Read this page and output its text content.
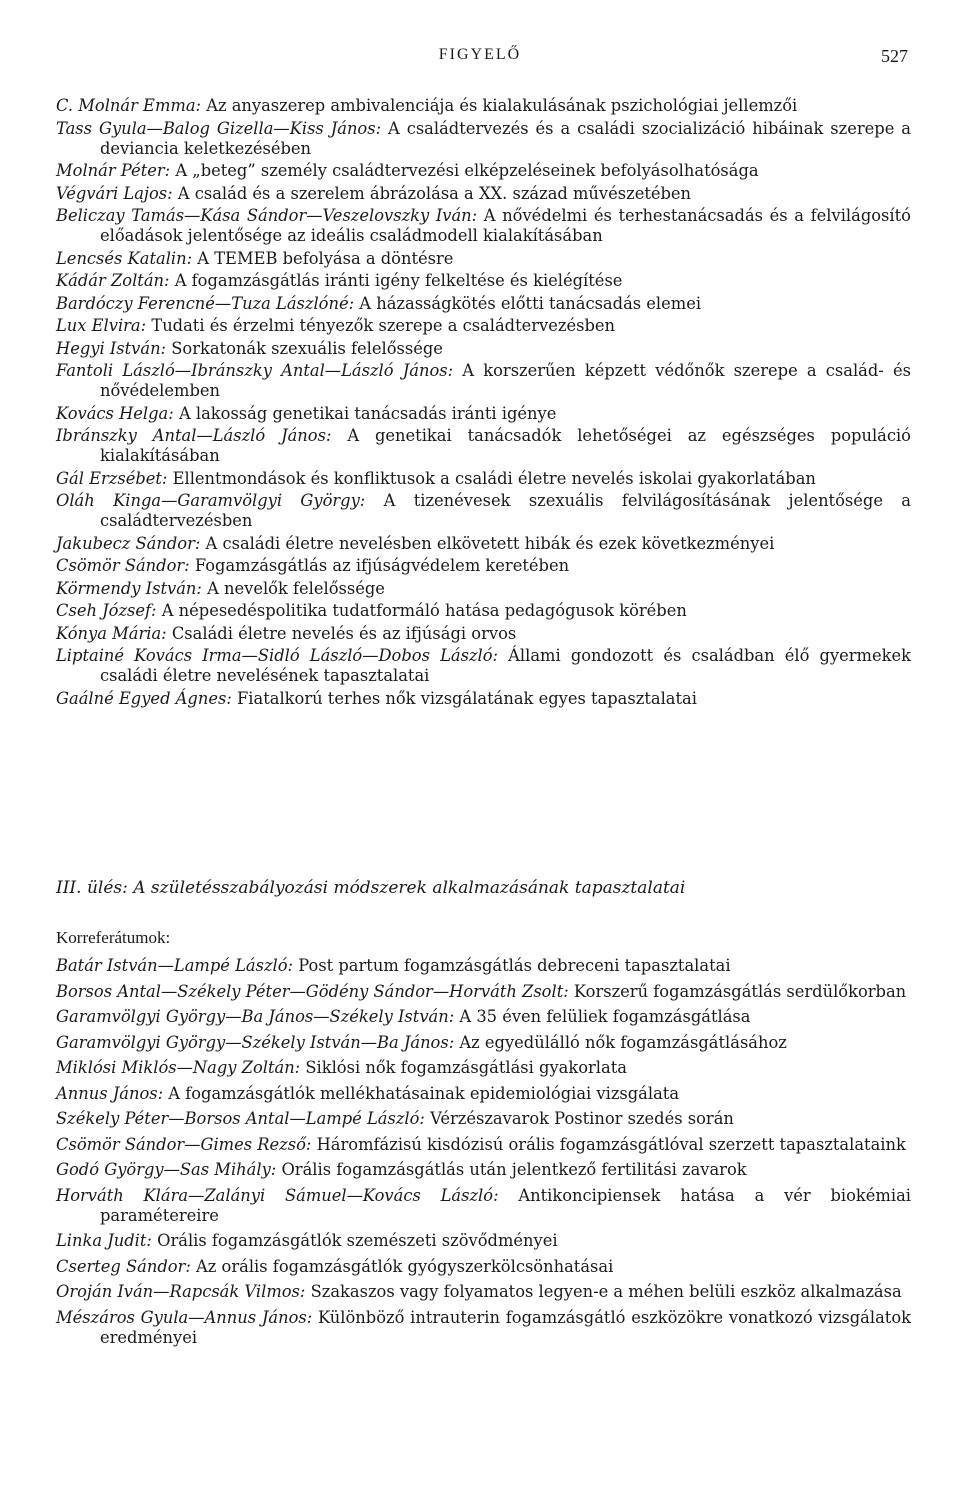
FIGYELŐ	527

C. Molnár Emma: Az anyaszerep ambivalenciája és kialakulásának pszichológiai jellemzői

Tass Gyula—Balog Gizella—Kiss János: A családtervezés és a családi szocializáció hibáinak szerepe a deviancia keletkezésében

Molnár Péter: A „beteg” személy családtervezési elképzeléseinek befolyásolhatósága

Végvári Lajos: A család és a szerelem ábrázolása a XX. század művészetében

Beliczay Tamás—Kása Sándor—Veszelovszky Iván: A nővédelmi és terhestanácsadás és a felvilágosító előadások jelentősége az ideális családmodell kialakításában

Lencsés Katalin: A TEMEB befolyása a döntésre

Kádár Zoltán: A fogamzásgátlás iránti igény felkeltése és kielégítése

Bardóczy Ferencné—Tuza Lászlóné: A házasságkötés előtti tanácsadás elemei

Lux Elvira: Tudati és érzelmi tényezők szerepe a családtervezésben

Hegyi István: Sorkatonák szexuális felelőssége

Fantoli László—Ibránszky Antal—László János: A korszerűen képzett védőnők szerepe a család- és nővédelemben

Kovács Helga: A lakosság genetikai tanácsadás iránti igénye

Ibránszky Antal—László János: A genetikai tanácsadók lehetőségei az egészséges populáció kialakításában

Gál Erzsébet: Ellentmondások és konfliktusok a családi életre nevelés iskolai gyakorlatában

Oláh Kinga—Garamvölgyi György: A tizenévesek szexuális felvilágosításának jelentősége a családtervezésben

Jakubecz Sándor: A családi életre nevelésben elkövetett hibák és ezek következményei

Csömör Sándor: Fogamzásgátlás az ifjúságvédelem keretében

Körmendy István: A nevelők felelőssége

Cseh József: A népesedéspolitika tudatformáló hatása pedagógusok körében

Kónya Mária: Családi életre nevelés és az ifjúsági orvos

Liptainé Kovács Irma—Sidló László—Dobos László: Állami gondozott és családban élő gyermekek családi életre nevelésének tapasztalatai

Gaálné Egyed Ágnes: Fiatalkorú terhes nők vizsgálatának egyes tapasztalatai

III. ülés: A születésszabályozási módszerek alkalmazásának tapasztalatai
Korreferátumok:

Batár István—Lampé László: Post partum fogamzásgátlás debreceni tapasztalatai

Borsos Antal—Székely Péter—Gödény Sándor—Horváth Zsolt: Korszerű fogamzásgátlás serdülőkorban

Garamvölgyi György—Ba János—Székely István: A 35 éven felüliek fogamzásgátlása

Garamvölgyi György—Székely István—Ba János: Az egyedülálló nők fogamzásgátlásához

Miklósi Miklós—Nagy Zoltán: Siklósi nők fogamzásgátlási gyakorlata

Annus János: A fogamzásgátlók mellékhatásainak epidemiológiai vizsgálata

Székely Péter—Borsos Antal—Lampé László: Vérzészavarok Postinor szedés során

Csömör Sándor—Gimes Rezső: Háromfázisú kisdózisú orális fogamzásgátlóval szerzett tapasztalataink

Godó György—Sas Mihály: Orális fogamzásgátlás után jelentkező fertilitási zavarok

Horváth Klára—Zalányi Sámuel—Kovács László: Antikoncipiensek hatása a vér biokémiai paramétereire

Linka Judit: Orális fogamzásgátlók szemészeti szövődményei

Cserteg Sándor: Az orális fogamzásgátlók gyógyszerkölcsönhatásai

Oroján Iván—Rapcsák Vilmos: Szakaszos vagy folyamatos legyen-e a méhen belüli eszköz alkalmazása

Mészáros Gyula—Annus János: Különböző intrauterin fogamzásgátló eszközökre vonatkozó vizsgálatok eredményei
